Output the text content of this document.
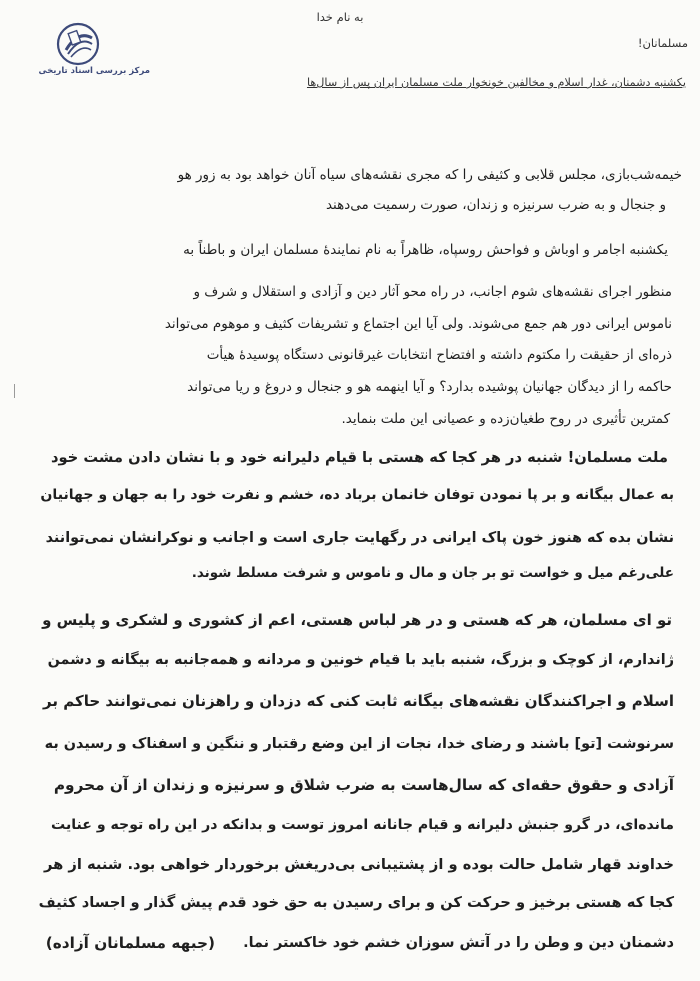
مرکز بررسی اسناد تاریخی
به نام خدا
مسلمانان!
یکشنبه دشمنان، غدار اسلام و مخالفین خونخوار ملت مسلمان ایران پس از سال‌ها
خیمه‌شب‌بازی، مجلس قلابی و کثیفی را که مجری نقشه‌های سیاه آنان خواهد بود به زور هو
و جنجال و به ضرب سرنیزه و زندان، صورت رسمیت می‌دهند
یکشنبه اجامر و اوباش و فواحش روسپاه، ظاهراً به نام نمایندهٔ مسلمان ایران و باطناً به
منظور اجرای نقشه‌های شوم اجانب، در راه محو آثار دین و آزادی و استقلال و شرف و
ناموس ایرانی دور هم جمع می‌شوند. ولی آیا این اجتماع و تشریفات کثیف و موهوم می‌تواند
ذره‌ای از حقیقت را مکتوم داشته و افتضاح انتخابات غیرقانونی دستگاه پوسیدهٔ هیأت
حاکمه را از دیدگان جهانیان پوشیده بدارد؟ و آیا اینهمه هو و جنجال و دروغ و ریا می‌تواند
کمترین تأثیری در روح طغیان‌زده و عصیانی این ملت بنماید.
ملت مسلمان! شنبه در هر کجا که هستی با قیام دلیرانه خود و با نشان دادن مشت خود
به عمال بیگانه و بر پا نمودن توفان خانمان برباد ده، خشم و نفرت خود را به جهان و جهانیان
نشان بده که هنوز خون پاک ایرانی در رگهایت جاری است و اجانب و نوکرانشان نمی‌توانند
علی‌رغم میل و خواست تو بر جان و مال و ناموس و شرفت مسلط شوند.
تو ای مسلمان، هر که هستی و در هر لباس هستی، اعم از کشوری و لشکری و پلیس و
ژاندارم، از کوچک و بزرگ، شنبه باید با قیام خونین و مردانه و همه‌جانبه به بیگانه و دشمن
اسلام و اجراکنندگان نقشه‌های بیگانه ثابت کنی که دزدان و راهزنان نمی‌توانند حاکم بر
سرنوشت [تو] باشند و رضای خدا، نجات از این وضع رقتبار و ننگین و اسفناک و رسیدن به
آزادی و حقوق حقه‌ای که سال‌هاست به ضرب شلاق و سرنیزه و زندان از آن محروم
مانده‌ای، در گرو جنبش دلیرانه و قیام جانانه امروز توست و بدانکه در این راه توجه و عنایت
خداوند قهار شامل حالت بوده و از پشتیبانی بی‌دریغش برخوردار خواهی بود. شنبه از هر
کجا که هستی برخیز و حرکت کن و برای رسیدن به حق خود قدم پیش گذار و اجساد کثیف
دشمنان دین و وطن را در آتش سوزان خشم خود خاکستر نما.
(جبهه مسلمانان آزاده)
